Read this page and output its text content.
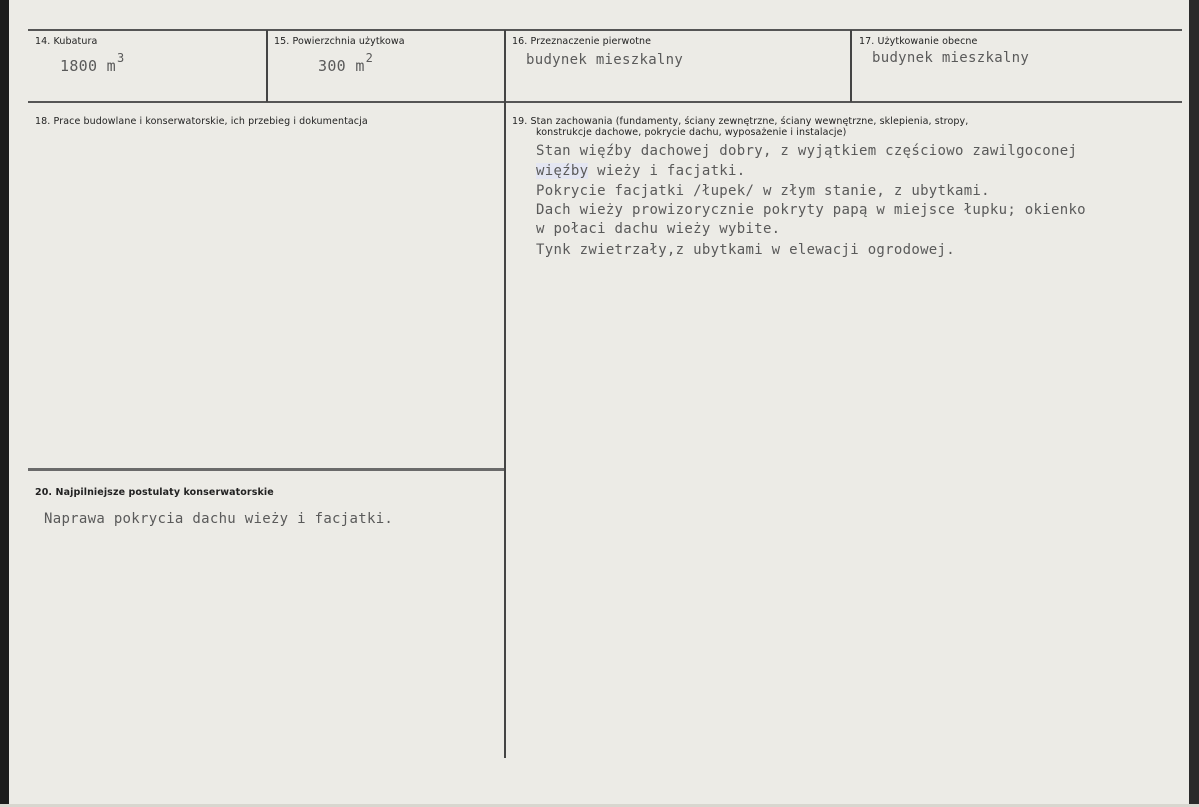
14. Kubatura
1800 $m^3$
15. Powierzchnia użytkowa
300 $m^2$
16. Przeznaczenie pierwotne
budynek mieszkalny
17. Użytkowanie obecne
budynek mieszkalny
18. Prace budowlane i konserwatorskie, ich przebieg i dokumentacja	19. Stan zachowania (fundamenty, ściany zewnętrzne, ściany wewnętrzne, sklepienia, stropy,
konstrukcje dachowe, pokrycie dachu, wyposażenie i instalacje)
Stan więźby dachowej dobry, z wyjątkiem częściowo zawilgoconej
więźby wieży i facjatki.
Pokrycie facjatki /łupek/ w złym stanie, z ubytkami.
Dach wieży prowizorycznie pokryty papą w miejsce łupku; okienko
w połaci dachu wieży wybite.
Tynk zwietrzały,z ubytkami w elewacji ogrodowej.
20. Najpilniejsze postulaty konserwatorskie
Naprawa pokrycia dachu wieży i facjatki.
